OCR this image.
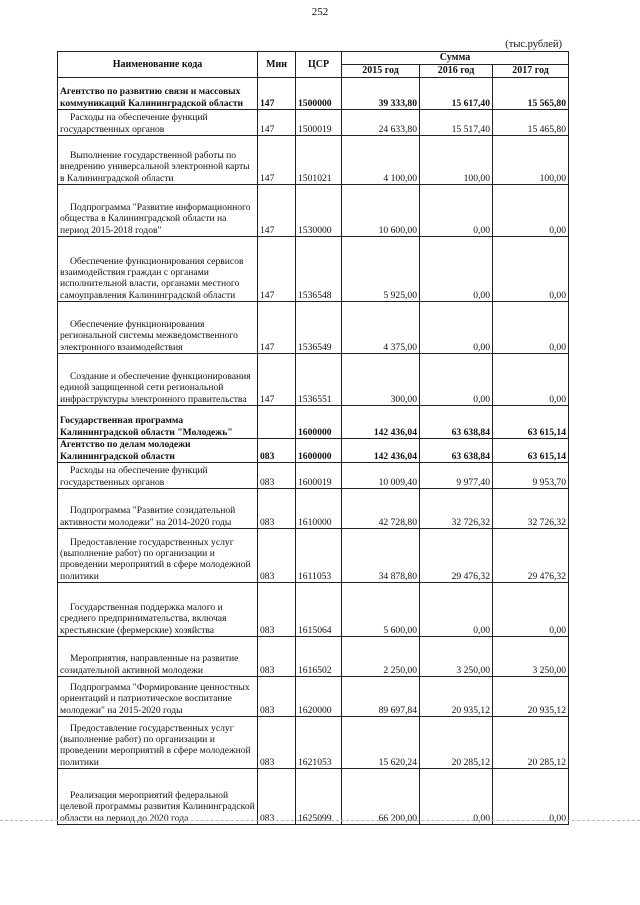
252
(тыс.рублей)
Наименование кода	Мин	ЦСР	Сумма		
			2015 год	2016 год	2017 год
Агентство по развитию связи и массовых коммуникаций Калининградской области	147	1500000	39 333,80	15 617,40	15 565,80
Расходы на обеспечение функций государственных органов	147	1500019	24 633,80	15 517,40	15 465,80
Выполнение государственной работы по внедрению универсальной электронной карты в Калининградской области	147	1501021	4 100,00	100,00	100,00
Подпрограмма "Развитие информационного общества в Калининградской области на период 2015-2018 годов"	147	1530000	10 600,00	0,00	0,00
Обеспечение функционирования сервисов взаимодействия граждан с органами исполнительной власти, органами местного самоуправления Калининградской области	147	1536548	5 925,00	0,00	0,00
Обеспечение функционирования региональной системы межведомственного электронного взаимодействия	147	1536549	4 375,00	0,00	0,00
Создание и обеспечение функционирования единой защищенной сети региональной инфраструктуры электронного правительства	147	1536551	300,00	0,00	0,00
Государственная программа Калининградской области "Молодежь"		1600000	142 436,04	63 638,84	63 615,14
Агентство по делам молодежи Калининградской области	083	1600000	142 436,04	63 638,84	63 615,14
Расходы на обеспечение функций государственных органов	083	1600019	10 009,40	9 977,40	9 953,70
Подпрограмма "Развитие созидательной активности молодежи" на 2014-2020 годы	083	1610000	42 728,80	32 726,32	32 726,32
Предоставление государственных услуг (выполнение работ) по организации и проведении мероприятий в сфере молодежной политики	083	1611053	34 878,80	29 476,32	29 476,32
Государственная поддержка малого и среднего предпринимательства, включая крестьянские (фермерские) хозяйства	083	1615064	5 600,00	0,00	0,00
Мероприятия, направленные на развитие созидательной активной молодежи	083	1616502	2 250,00	3 250,00	3 250,00
Подпрограмма "Формирование ценностных ориентаций и патриотическое воспитание молодежи" на 2015-2020 годы	083	1620000	89 697,84	20 935,12	20 935,12
Предоставление государственных услуг (выполнение работ) по организации и проведении мероприятий в сфере молодежной политики	083	1621053	15 620,24	20 285,12	20 285,12
Реализация мероприятий федеральной целевой программы развития Калининградской области на период до 2020 года	083	1625099	66 200,00	0,00	0,00
